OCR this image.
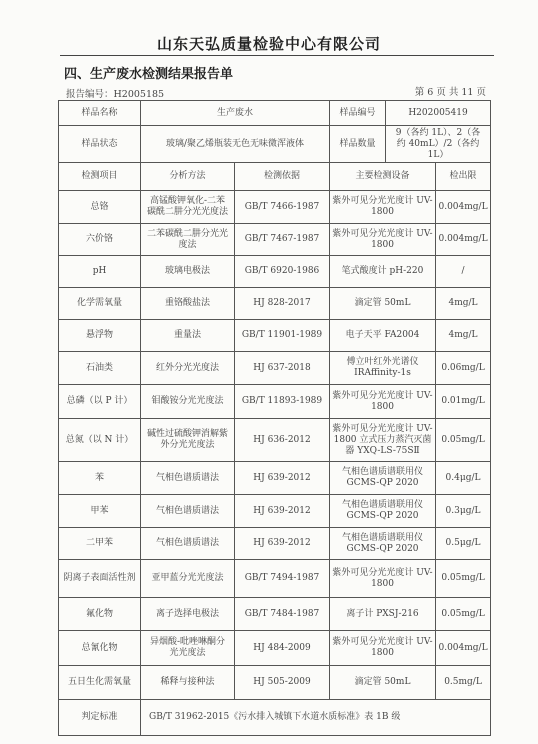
山东天弘质量检验中心有限公司
四、生产废水检测结果报告单
报告编号：H2005185	第 6 页 共 11 页
样品名称	生产废水		样品编号	H202005419	
样品状态	玻璃/聚乙烯瓶装无色无味微浑液体		样品数量	9（各约 1L）、2（各约 40mL）/2（各约 1L）	
检测项目	分析方法	检测依据	主要检测设备		检出限
总铬	高锰酸钾氧化-二苯碳酰二肼分光光度法	GB/T 7466-1987	紫外可见分光光度计 UV-1800		0.004mg/L
六价铬	二苯碳酰二肼分光光度法	GB/T 7467-1987	紫外可见分光光度计 UV-1800		0.004mg/L
pH	玻璃电极法	GB/T 6920-1986	笔式酸度计 pH-220		/
化学需氧量	重铬酸盐法	HJ 828-2017	滴定管 50mL		4mg/L
悬浮物	重量法	GB/T 11901-1989	电子天平 FA2004		4mg/L
石油类	红外分光光度法	HJ 637-2018	傅立叶红外光谱仪 IRAffinity-1s		0.06mg/L
总磷（以 P 计）	钼酸铵分光光度法	GB/T 11893-1989	紫外可见分光光度计 UV-1800		0.01mg/L
总氮（以 N 计）	碱性过硫酸钾消解紫外分光光度法	HJ 636-2012	紫外可见分光光度计 UV-1800 立式压力蒸汽灭菌器 YXQ-LS-75SⅡ		0.05mg/L
苯	气相色谱质谱法	HJ 639-2012	气相色谱质谱联用仪 GCMS-QP 2020		0.4μg/L
甲苯	气相色谱质谱法	HJ 639-2012	气相色谱质谱联用仪 GCMS-QP 2020		0.3μg/L
二甲苯	气相色谱质谱法	HJ 639-2012	气相色谱质谱联用仪 GCMS-QP 2020		0.5μg/L
阴离子表面活性剂	亚甲蓝分光光度法	GB/T 7494-1987	紫外可见分光光度计 UV-1800		0.05mg/L
氟化物	离子选择电极法	GB/T 7484-1987	离子计 PXSJ-216		0.05mg/L
总氰化物	异烟酸-吡唑啉酮分光光度法	HJ 484-2009	紫外可见分光光度计 UV-1800		0.004mg/L
五日生化需氧量	稀释与接种法	HJ 505-2009	滴定管 50mL		0.5mg/L
判定标准	GB/T 31962-2015《污水排入城镇下水道水质标准》表 1B 级				
